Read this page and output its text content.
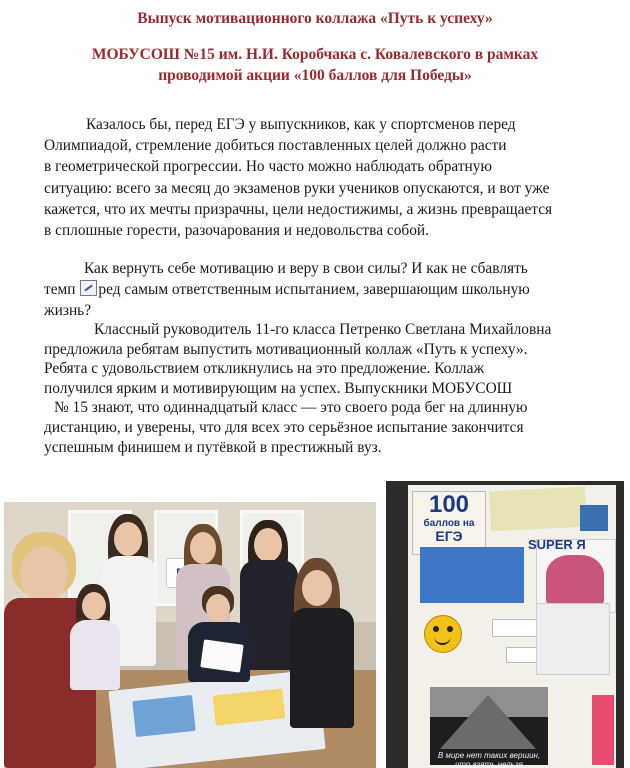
Выпуск мотивационного коллажа «Путь к успеху»
МОБУСОШ №15 им. Н.И. Коробчака с. Ковалевского в рамках
проводимой акции «100 баллов для Победы»
Казалось бы, перед ЕГЭ у выпускников, как у спортсменов перед
Олимпиадой, стремление добиться поставленных целей должно расти
в геометрической прогрессии. Но часто можно наблюдать обратную
ситуацию: всего за месяц до экзаменов руки учеников опускаются, и вот уже
кажется, что их мечты призрачны, цели недостижимы, а жизнь превращается
в сплошные горести, разочарования и недовольства собой.
Как вернуть себе мотивацию и веру в свои силы? И как не сбавлять
темп ред самым ответственным испытанием, завершающим школьную
жизнь?
Классный руководитель 11-го класса Петренко Светлана Михайловна
предложила ребятам выпустить мотивационный коллаж «Путь к успеху».
Ребята с удовольствием откликнулись на это предложение. Коллаж
получился ярким и мотивирующим на успех. Выпускники МОБУСОШ
№ 15 знают, что одиннадцатый класс — это своего рода бег на длинную
дистанцию, и уверены, что для всех это серьёзное испытание закончится
успешным финишем и путёвкой в престижный вуз.
100
баллов на
ЕГЭ
SUPER Я
В мире нет таких вершин, что взять нельзя
